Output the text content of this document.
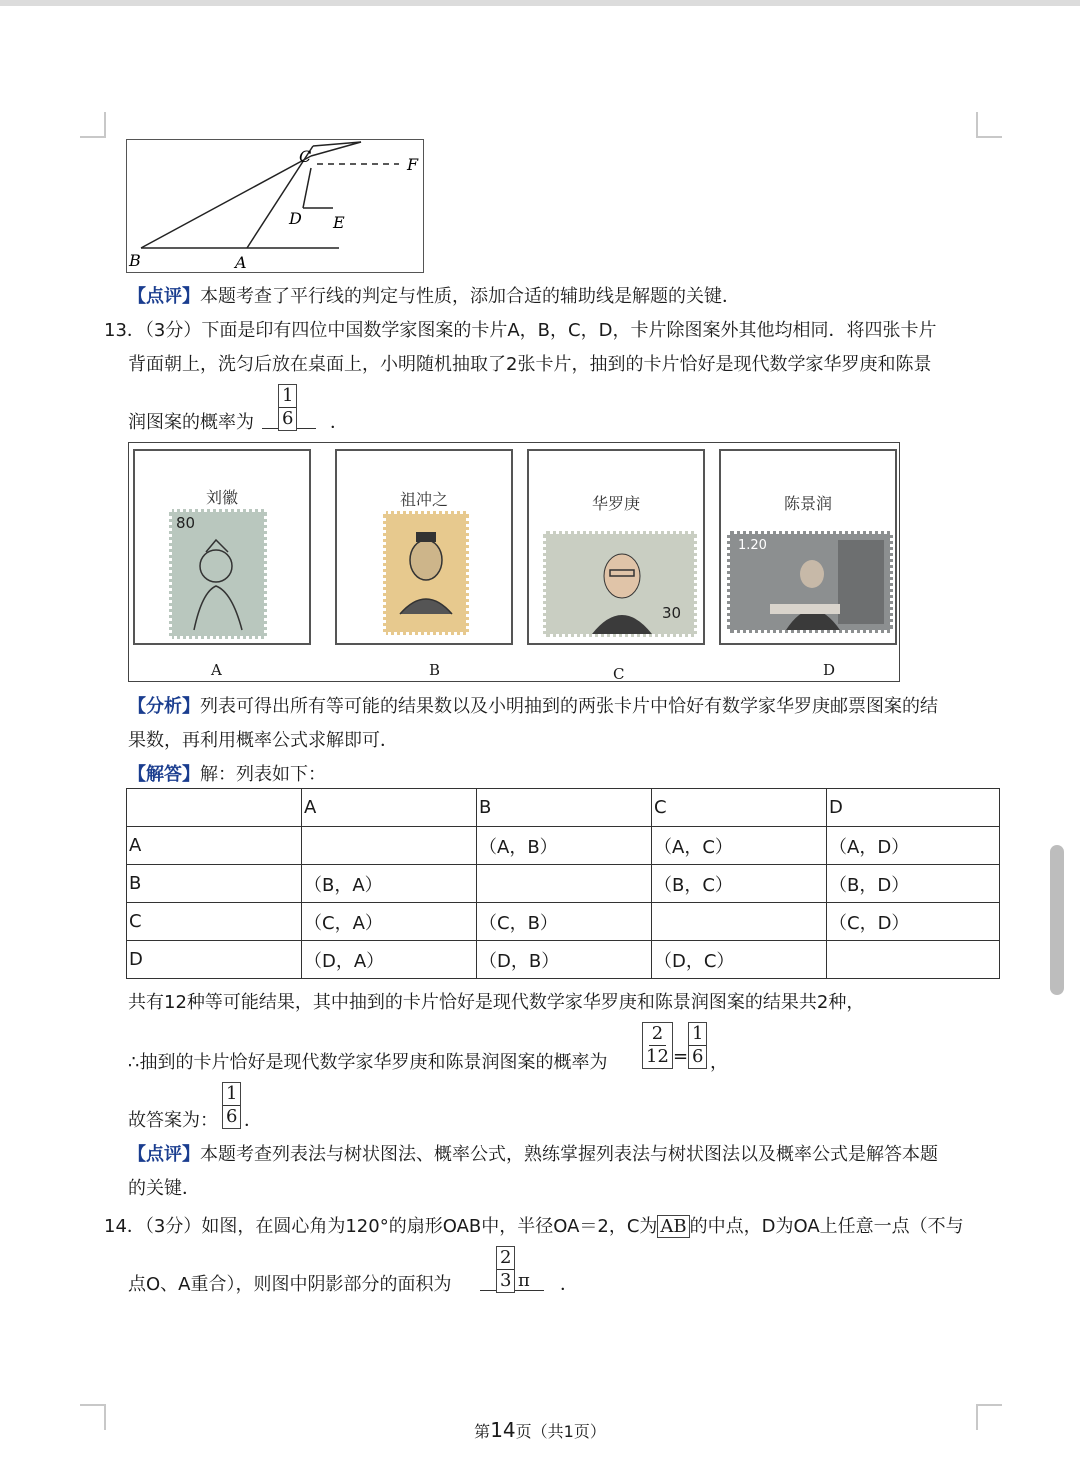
C	F
D E
B	A
【点评】本题考查了平行线的判定与性质，添加合适的辅助线是解题的关键．
13．（3分）下面是印有四位中国数学家图案的卡片A，B，C，D，卡片除图案外其他均相同．将四张卡片
背面朝上，洗匀后放在桌面上，小明随机抽取了2张卡片，抽到的卡片恰好是现代数学家华罗庚和陈景
润图案的概率为 $\frac{1}{6}$ ．
刘徽
80
祖冲之	华罗庚
30
陈景润
1.20
A	B	C	D
【分析】列表可得出所有等可能的结果数以及小明抽到的两张卡片中恰好有数学家华罗庚邮票图案的结
果数，再利用概率公式求解即可．
【解答】解：列表如下：
	A	B	C	D
A		（A，B）	（A，C）	（A，D）
B	（B，A）		（B，C）	（B，D）
C	（C，A）	（C，B）		（C，D）
D	（D，A）	（D，B）	（D，C）	
共有12种等可能结果，其中抽到的卡片恰好是现代数学家华罗庚和陈景润图案的结果共2种，
∴抽到的卡片恰好是现代数学家华罗庚和陈景润图案的概率为 $\frac{2}{12} = \frac{1}{6}$ ，
故答案为： $\frac{1}{6}$ ．
【点评】本题考查列表法与树状图法、概率公式，熟练掌握列表法与树状图法以及概率公式是解答本题
的关键．
14．（3分）如图，在圆心角为120°的扇形OAB中，半径OA＝2，C为 AB 的中点，D为OA上任意一点（不与
点O、A重合），则图中阴影部分的面积为 $\frac{2}{3}$ π ．
第14页（共1页）
